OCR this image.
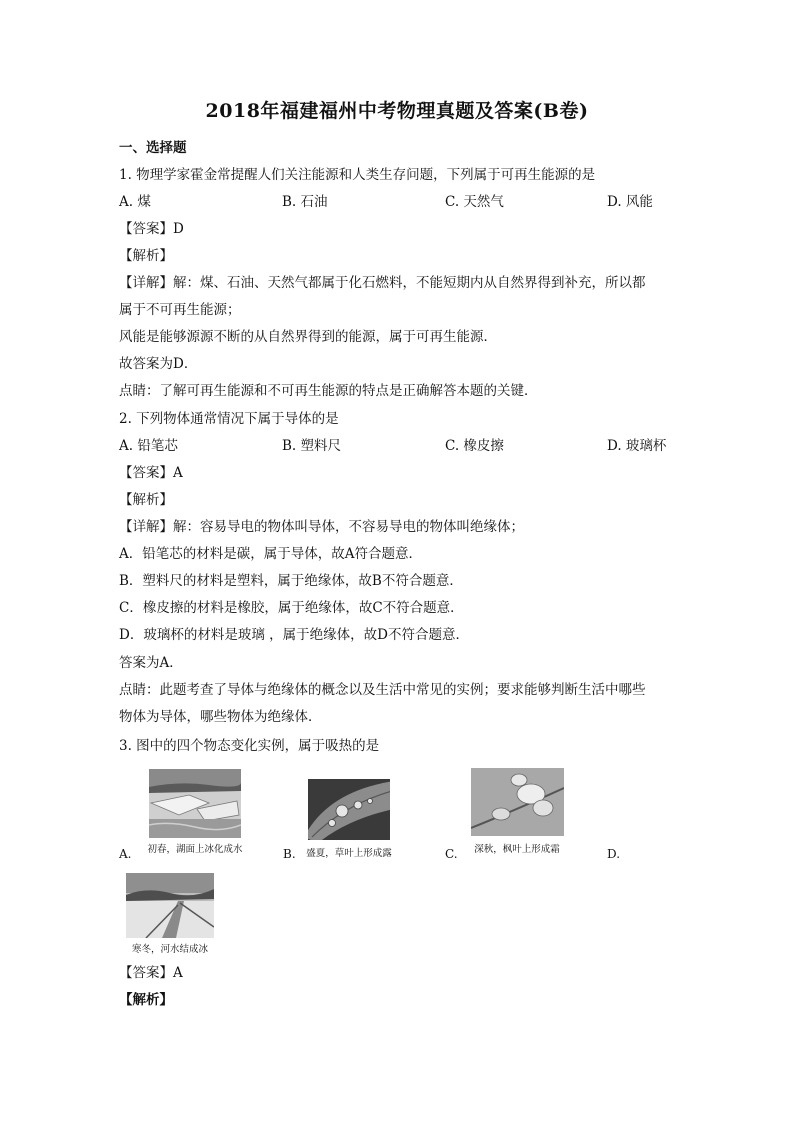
2018年福建福州中考物理真题及答案(B卷)
一、选择题
1. 物理学家霍金常提醒人们关注能源和人类生存问题，下列属于可再生能源的是
A. 煤	B. 石油	C. 天然气	D. 风能
【答案】D
【解析】
【详解】解：煤、石油、天然气都属于化石燃料，不能短期内从自然界得到补充，所以都
属于不可再生能源；
风能是能够源源不断的从自然界得到的能源，属于可再生能源．
故答案为D．
点睛：了解可再生能源和不可再生能源的特点是正确解答本题的关键．
2. 下列物体通常情况下属于导体的是
A. 铅笔芯	B. 塑料尺	C. 橡皮擦	D. 玻璃杯
【答案】A
【解析】
【详解】解：容易导电的物体叫导体，不容易导电的物体叫绝缘体；
A．铅笔芯的材料是碳，属于导体，故A符合题意．
B．塑料尺的材料是塑料，属于绝缘体，故B不符合题意．
C．橡皮擦的材料是橡胶，属于绝缘体，故C不符合题意．
D．玻璃杯的材料是玻璃 ，属于绝缘体，故D不符合题意．
答案为A．
点睛：此题考查了导体与绝缘体的概念以及生活中常见的实例；要求能够判断生活中哪些
物体为导体，哪些物体为绝缘体．
3. 图中的四个物态变化实例，属于吸热的是
初春，湖面上冰化成水
A.	盛夏，草叶上形成露
B.	深秋，枫叶上形成霜
C.	D.
寒冬，河水结成冰
【答案】A
【解析】
